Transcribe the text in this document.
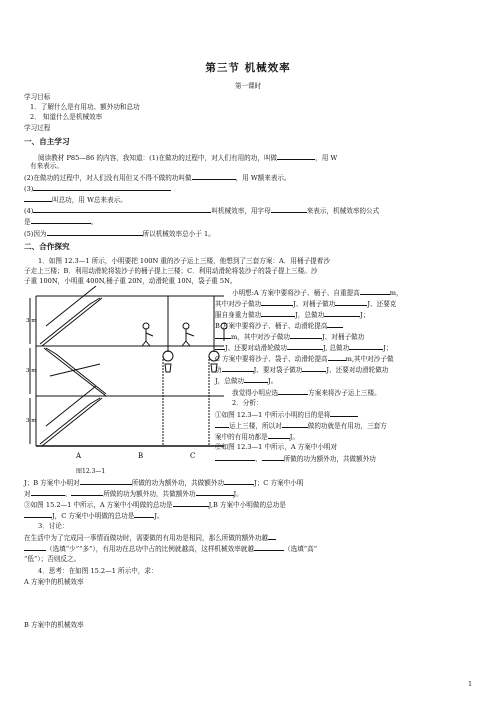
第三节 机械效率
第一课时
学习目标
1．了解什么是有用功、额外功和总功
2． 知道什么是机械效率
学习过程
一、自主学习
阅读教材 P85—86 的内容，我知道：(1)在做功的过程中，对人们有用的功，叫做	，用 W
有来表示。
(2)在做功的过程中，对人们没有用但又不得不做的功叫做	，用 W额来表示。
(3)
叫总功，用 W总来表示。
(4)	叫机械效率，用字母	来表示，机械效率的公式
是	。
(5)因为	所以机械效率总小于 1。
二、合作探究
1．如图 12.3—1 所示，小明要把 100N 重的沙子运上三楼，他想到了三套方案：A．用桶子提着沙
子走上三楼；B．利用动滑轮将装沙子的桶子提上三楼；C．利用动滑轮将装沙子的袋子提上三楼。沙
子重 100N，小明重 400N,桶子重 20N，动滑轮重 10N，袋子重 5N。
3 m
3 m
3 m
A	B	C
图12.3—1
小明想:A 方案中要将沙子、桶子、自重提高	m，
其中对沙子做功	J、对桶子做功	J、还要克
服自身重力做功	J，总做功	J；
B 方案中要将沙子、桶子、动滑轮提高
m，其中对沙子做功	J、对桶子做功
J、还要对动滑轮做功	J, 总做功	J；
C 方案中要将沙子、袋子、动滑轮提高	m,其中对沙子做
功	J、要对袋子做功	J、还要对动滑轮做功
J，总做功	J。
我觉得小明应选	方案来将沙子运上三楼。
2．分析：
①如图 12.3—1 中所示小明的目的是将
运上三楼，所以对	做的功就是有用功，三套方
案中的有用功都是	J。
②如图 12.3—1 中所示，A 方案中小明对
、	所做的功为额外功，共做额外功
J；B 方案中小明对	所做的功为额外功，共做额外功	J；C 方案中小明
对	、	所做的功为额外功，共做额外功	J。
③如图 15.2—1 中所示，A 方案中小明做的总功是	J,B 方案中小明做的总功是
J，C 方案中小明做的总功是	J。
3．讨论：
在生活中为了完成同一事情而做功时，需要做的有用功是相同，那么所做的额外功越
（选填“少”“多”），有用功在总功中占的比例就越高，这样机械效率就越	（选填“高”
“低”）；否则反之。
4．思考：在如图 15.2—1 所示中，求：
A 方案中的机械效率
B 方案中的机械效率
1
